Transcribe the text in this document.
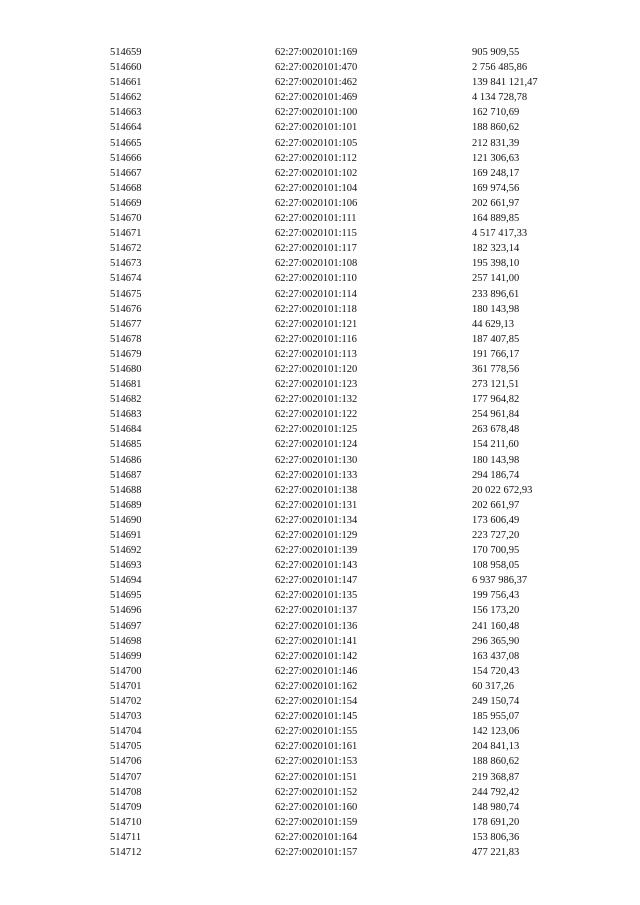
514659	62:27:0020101:169	905 909,55
514660	62:27:0020101:470	2 756 485,86
514661	62:27:0020101:462	139 841 121,47
514662	62:27:0020101:469	4 134 728,78
514663	62:27:0020101:100	162 710,69
514664	62:27:0020101:101	188 860,62
514665	62:27:0020101:105	212 831,39
514666	62:27:0020101:112	121 306,63
514667	62:27:0020101:102	169 248,17
514668	62:27:0020101:104	169 974,56
514669	62:27:0020101:106	202 661,97
514670	62:27:0020101:111	164 889,85
514671	62:27:0020101:115	4 517 417,33
514672	62:27:0020101:117	182 323,14
514673	62:27:0020101:108	195 398,10
514674	62:27:0020101:110	257 141,00
514675	62:27:0020101:114	233 896,61
514676	62:27:0020101:118	180 143,98
514677	62:27:0020101:121	44 629,13
514678	62:27:0020101:116	187 407,85
514679	62:27:0020101:113	191 766,17
514680	62:27:0020101:120	361 778,56
514681	62:27:0020101:123	273 121,51
514682	62:27:0020101:132	177 964,82
514683	62:27:0020101:122	254 961,84
514684	62:27:0020101:125	263 678,48
514685	62:27:0020101:124	154 211,60
514686	62:27:0020101:130	180 143,98
514687	62:27:0020101:133	294 186,74
514688	62:27:0020101:138	20 022 672,93
514689	62:27:0020101:131	202 661,97
514690	62:27:0020101:134	173 606,49
514691	62:27:0020101:129	223 727,20
514692	62:27:0020101:139	170 700,95
514693	62:27:0020101:143	108 958,05
514694	62:27:0020101:147	6 937 986,37
514695	62:27:0020101:135	199 756,43
514696	62:27:0020101:137	156 173,20
514697	62:27:0020101:136	241 160,48
514698	62:27:0020101:141	296 365,90
514699	62:27:0020101:142	163 437,08
514700	62:27:0020101:146	154 720,43
514701	62:27:0020101:162	60 317,26
514702	62:27:0020101:154	249 150,74
514703	62:27:0020101:145	185 955,07
514704	62:27:0020101:155	142 123,06
514705	62:27:0020101:161	204 841,13
514706	62:27:0020101:153	188 860,62
514707	62:27:0020101:151	219 368,87
514708	62:27:0020101:152	244 792,42
514709	62:27:0020101:160	148 980,74
514710	62:27:0020101:159	178 691,20
514711	62:27:0020101:164	153 806,36
514712	62:27:0020101:157	477 221,83
